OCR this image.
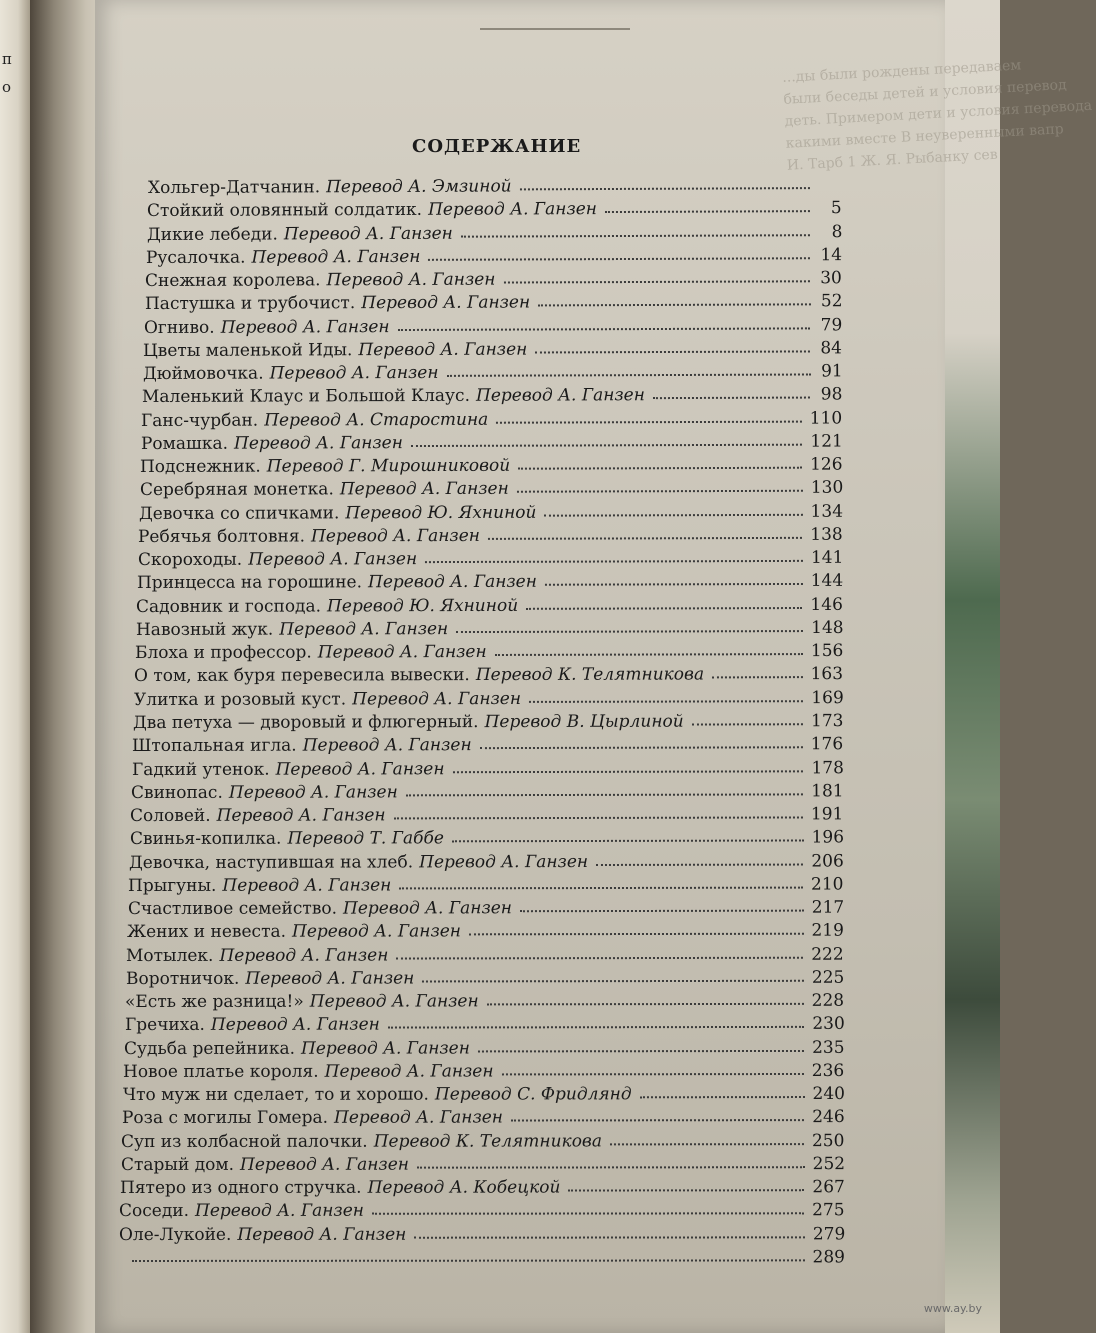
п
о
...ды были рождены передаваем
были беседы детей и условия перевод
деть. Примером дети и условия перевода
какими вместе В неуверенными вапр
И. Тарб 1 Ж. Я. Рыбанку сев
СОДЕРЖАНИЕ
Хольгер-Датчанин. Перевод А. Эмзиной
Стойкий оловянный солдатик. Перевод А. Ганзен	5
Дикие лебеди. Перевод А. Ганзен	8
Русалочка. Перевод А. Ганзен	14
Снежная королева. Перевод А. Ганзен	30
Пастушка и трубочист. Перевод А. Ганзен	52
Огниво. Перевод А. Ганзен	79
Цветы маленькой Иды. Перевод А. Ганзен	84
Дюймовочка. Перевод А. Ганзен	91
Маленький Клаус и Большой Клаус. Перевод А. Ганзен	98
Ганс-чурбан. Перевод А. Старостина	110
Ромашка. Перевод А. Ганзен	121
Подснежник. Перевод Г. Мирошниковой	126
Серебряная монетка. Перевод А. Ганзен	130
Девочка со спичками. Перевод Ю. Яхниной	134
Ребячья болтовня. Перевод А. Ганзен	138
Скороходы. Перевод А. Ганзен	141
Принцесса на горошине. Перевод А. Ганзен	144
Садовник и господа. Перевод Ю. Яхниной	146
Навозный жук. Перевод А. Ганзен	148
Блоха и профессор. Перевод А. Ганзен	156
О том, как буря перевесила вывески. Перевод К. Телятникова	163
Улитка и розовый куст. Перевод А. Ганзен	169
Два петуха — дворовый и флюгерный. Перевод В. Цырлиной	173
Штопальная игла. Перевод А. Ганзен	176
Гадкий утенок. Перевод А. Ганзен	178
Свинопас. Перевод А. Ганзен	181
Соловей. Перевод А. Ганзен	191
Свинья-копилка. Перевод Т. Габбе	196
Девочка, наступившая на хлеб. Перевод А. Ганзен	206
Прыгуны. Перевод А. Ганзен	210
Счастливое семейство. Перевод А. Ганзен	217
Жених и невеста. Перевод А. Ганзен	219
Мотылек. Перевод А. Ганзен	222
Воротничок. Перевод А. Ганзен	225
«Есть же разница!» Перевод А. Ганзен	228
Гречиха. Перевод А. Ганзен	230
Судьба репейника. Перевод А. Ганзен	235
Новое платье короля. Перевод А. Ганзен	236
Что муж ни сделает, то и хорошо. Перевод С. Фридлянд	240
Роза с могилы Гомера. Перевод А. Ганзен	246
Суп из колбасной палочки. Перевод К. Телятникова	250
Старый дом. Перевод А. Ганзен	252
Пятеро из одного стручка. Перевод А. Кобецкой	267
Соседи. Перевод А. Ганзен	275
Оле-Лукойе. Перевод А. Ганзен	279
289
www.ay.by
